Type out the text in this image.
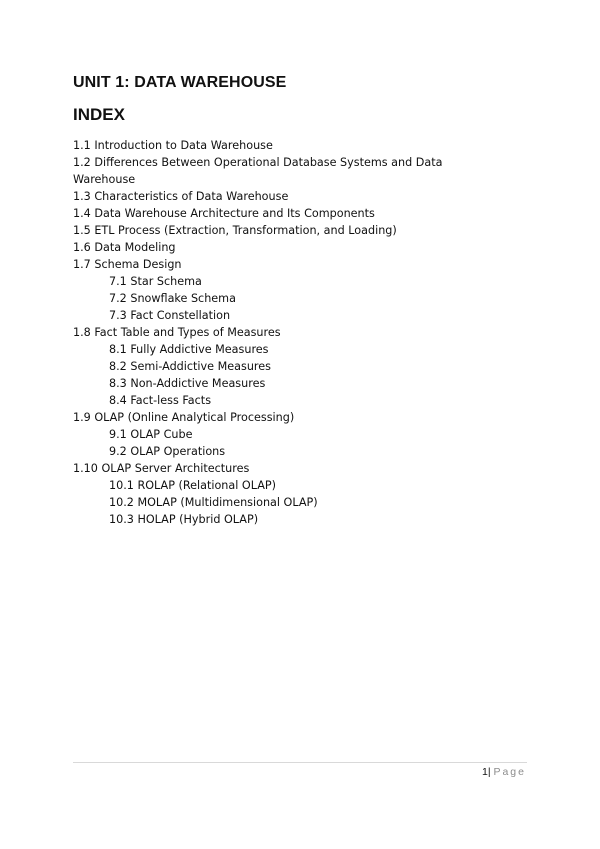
UNIT 1: DATA WAREHOUSE
INDEX
1.1 Introduction to Data Warehouse
1.2 Differences Between Operational Database Systems and Data Warehouse
1.3 Characteristics of Data Warehouse
1.4 Data Warehouse Architecture and Its Components
1.5 ETL Process (Extraction, Transformation, and Loading)
1.6 Data Modeling
1.7 Schema Design
7.1 Star Schema
7.2 Snowflake Schema
7.3 Fact Constellation
1.8 Fact Table and Types of Measures
8.1 Fully Addictive Measures
8.2 Semi-Addictive Measures
8.3 Non-Addictive Measures
8.4 Fact-less Facts
1.9 OLAP (Online Analytical Processing)
9.1 OLAP Cube
9.2 OLAP Operations
1.10 OLAP Server Architectures
10.1 ROLAP (Relational OLAP)
10.2 MOLAP (Multidimensional OLAP)
10.3 HOLAP (Hybrid OLAP)
1| Page
